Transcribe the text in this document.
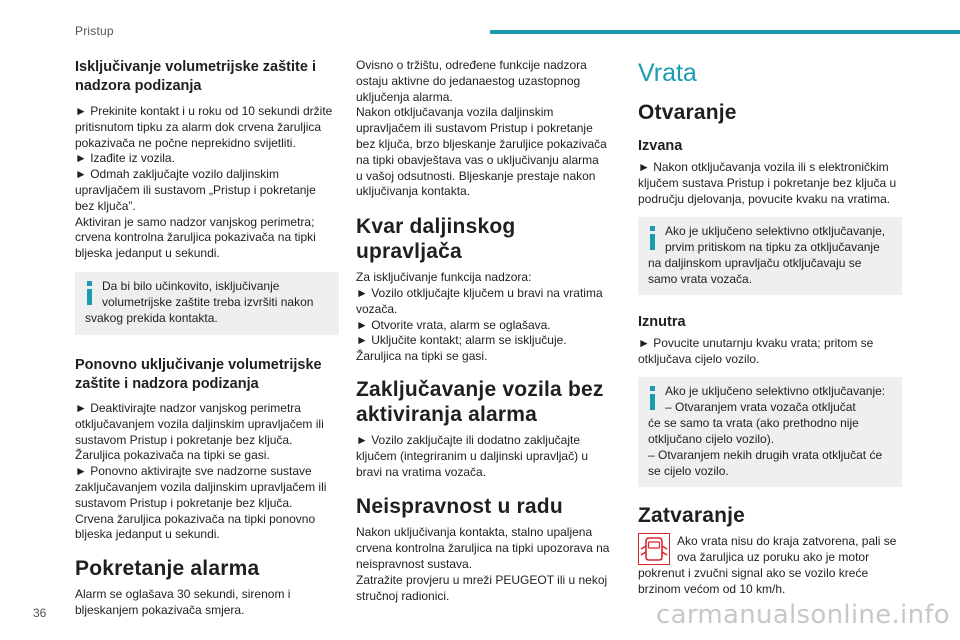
Pristup
Isključivanje volumetrijske zaštite i
nadzora podizanja

► Prekinite kontakt i u roku od 10 sekundi držite
pritisnutom tipku za alarm dok crvena žaruljica
pokazivača ne počne neprekidno svijetliti.
► Izađite iz vozila.
► Odmah zaključajte vozilo daljinskim
upravljačem ili sustavom „Pristup i pokretanje
bez ključa”.
Aktiviran je samo nadzor vanjskog perimetra;
crvena kontrolna žaruljica pokazivača na tipki
bljeska jedanput u sekundi.

Da bi bilo učinkovito, isključivanje
volumetrijske zaštite treba izvršiti nakon
svakog prekida kontakta.
Ponovno uključivanje volumetrijske
zaštite i nadzora podizanja

► Deaktivirajte nadzor vanjskog perimetra
otključavanjem vozila daljinskim upravljačem ili
sustavom Pristup i pokretanje bez ključa.
Žaruljica pokazivača na tipki se gasi.
► Ponovno aktivirajte sve nadzorne sustave
zaključavanjem vozila daljinskim upravljačem ili
sustavom Pristup i pokretanje bez ključa.
Crvena žaruljica pokazivača na tipki ponovno
bljeska jedanput u sekundi.

Pokretanje alarma

Alarm se oglašava 30 sekundi, sirenom i
bljeskanjem pokazivača smjera.

Ovisno o tržištu, određene funkcije nadzora
ostaju aktivne do jedanaestog uzastopnog
uključenja alarma.
Nakon otključavanja vozila daljinskim
upravljačem ili sustavom Pristup i pokretanje
bez ključa, brzo bljeskanje žaruljice pokazivača
na tipki obavještava vas o uključivanju alarma
u vašoj odsutnosti. Bljeskanje prestaje nakon
uključivanja kontakta.

Kvar daljinskog upravljača

Za isključivanje funkcija nadzora:
► Vozilo otključajte ključem u bravi na vratima
vozača.
► Otvorite vrata, alarm se oglašava.
► Uključite kontakt; alarm se isključuje.
Žaruljica na tipki se gasi.

Zaključavanje vozila bez
aktiviranja alarma

► Vozilo zaključajte ili dodatno zaključajte
ključem (integriranim u daljinski upravljač) u
bravi na vratima vozača.

Neispravnost u radu

Nakon uključivanja kontakta, stalno upaljena
crvena kontrolna žaruljica na tipki upozorava na
neispravnost sustava.
Zatražite provjeru u mreži PEUGEOT ili u nekoj
stručnoj radionici.

Vrata
Otvaranje
Izvana

► Nakon otključavanja vozila ili s elektroničkim
ključem sustava Pristup i pokretanje bez ključa u
području djelovanja, povucite kvaku na vratima.

Ako je uključeno selektivno otključavanje,
prvim pritiskom na tipku za otključavanje
na daljinskom upravljaču otključavaju se
samo vrata vozača.
Iznutra

► Povucite unutarnju kvaku vrata; pritom se
otključava cijelo vozilo.

Ako je uključeno selektivno otključavanje:
– Otvaranjem vrata vozača otključat
će se samo ta vrata (ako prethodno nije
otključano cijelo vozilo).
– Otvaranjem nekih drugih vrata otključat će
se cijelo vozilo.
Zatvaranje
Ako vrata nisu do kraja zatvorena, pali se
ova žaruljica uz poruku ako je motor
pokrenut i zvučni signal ako se vozilo kreće
brzinom većom od 10 km/h.
36	carmanualsonline.info
